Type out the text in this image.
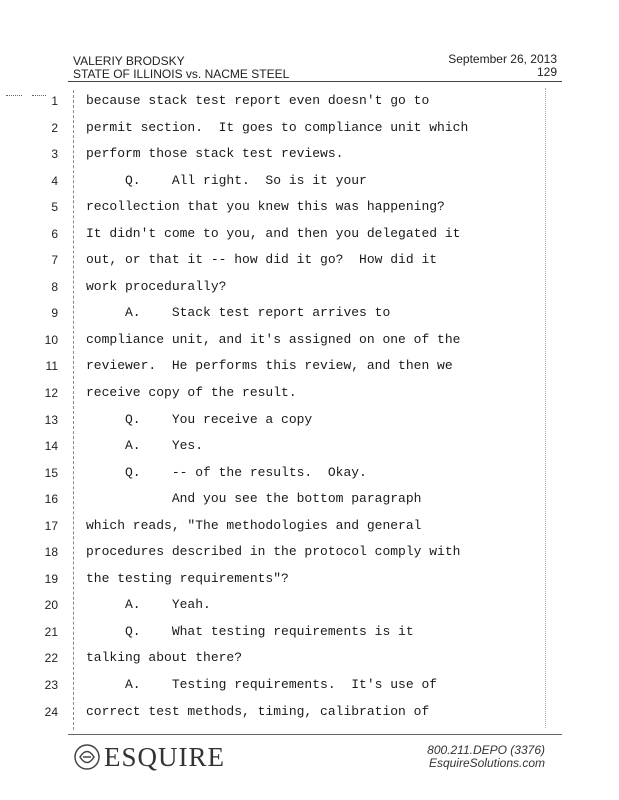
VALERIY BRODSKY
STATE OF ILLINOIS vs. NACME STEEL
September 26, 2013
129
1 because stack test report even doesn't go to
2 permit section.  It goes to compliance unit which
3 perform those stack test reviews.
4 Q.    All right.  So is it your
5 recollection that you knew this was happening?
6 It didn't come to you, and then you delegated it
7 out, or that it -- how did it go?  How did it
8 work procedurally?
9 A.    Stack test report arrives to
10 compliance unit, and it's assigned on one of the
11 reviewer.  He performs this review, and then we
12 receive copy of the result.
13 Q.    You receive a copy
14 A.    Yes.
15 Q.    -- of the results.  Okay.
16 And you see the bottom paragraph
17 which reads, "The methodologies and general
18 procedures described in the protocol comply with
19 the testing requirements"?
20 A.    Yeah.
21 Q.    What testing requirements is it
22 talking about there?
23 A.    Testing requirements.  It's use of
24 correct test methods, timing, calibration of
ESQUIRE	800.211.DEPO (3376)
EsquireSolutions.com
